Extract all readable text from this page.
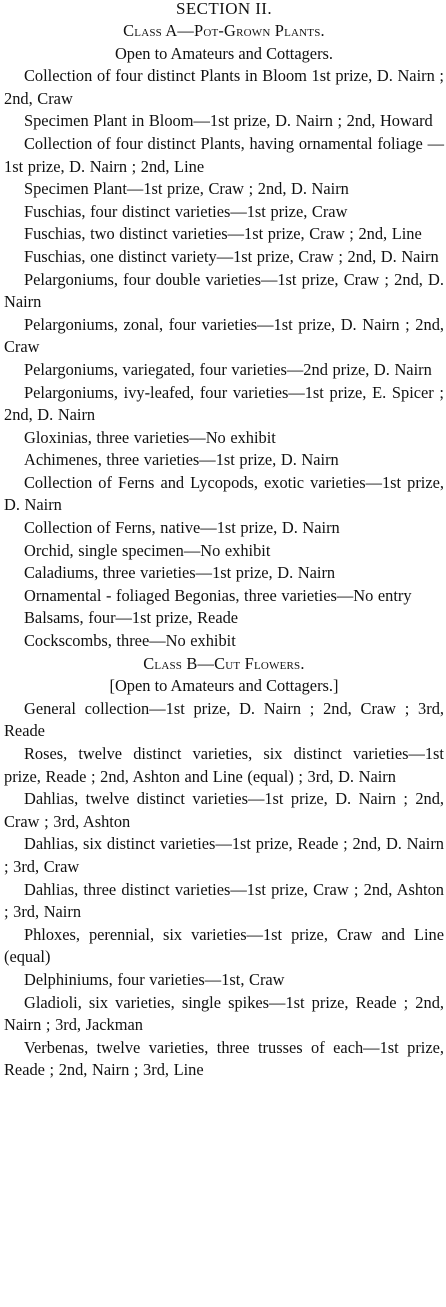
SECTION II.
Class A—Pot-Grown Plants.
Open to Amateurs and Cottagers.

Collection of four distinct Plants in Bloom 1st prize, D. Nairn ; 2nd, Craw

Specimen Plant in Bloom—1st prize, D. Nairn ; 2nd, Howard

Collection of four distinct Plants, having ornamental foliage —1st prize, D. Nairn ; 2nd, Line

Specimen Plant—1st prize, Craw ; 2nd, D. Nairn

Fuschias, four distinct varieties—1st prize, Craw

Fuschias, two distinct varieties—1st prize, Craw ; 2nd, Line

Fuschias, one distinct variety—1st prize, Craw ; 2nd, D. Nairn

Pelargoniums, four double varieties—1st prize, Craw ; 2nd, D. Nairn

Pelargoniums, zonal, four varieties—1st prize, D. Nairn ; 2nd, Craw

Pelargoniums, variegated, four varieties—2nd prize, D. Nairn

Pelargoniums, ivy-leafed, four varieties—1st prize, E. Spicer ; 2nd, D. Nairn

Gloxinias, three varieties—No exhibit

Achimenes, three varieties—1st prize, D. Nairn

Collection of Ferns and Lycopods, exotic varieties—1st prize, D. Nairn

Collection of Ferns, native—1st prize, D. Nairn

Orchid, single specimen—No exhibit

Caladiums, three varieties—1st prize, D. Nairn

Ornamental - foliaged Begonias, three varieties—No entry

Balsams, four—1st prize, Reade

Cockscombs, three—No exhibit

Class B—Cut Flowers.
[Open to Amateurs and Cottagers.]

General collection—1st prize, D. Nairn ; 2nd, Craw ; 3rd, Reade

Roses, twelve distinct varieties, six distinct varieties—1st prize, Reade ; 2nd, Ashton and Line (equal) ; 3rd, D. Nairn

Dahlias, twelve distinct varieties—1st prize, D. Nairn ; 2nd, Craw ; 3rd, Ashton

Dahlias, six distinct varieties—1st prize, Reade ; 2nd, D. Nairn ; 3rd, Craw

Dahlias, three distinct varieties—1st prize, Craw ; 2nd, Ashton ; 3rd, Nairn

Phloxes, perennial, six varieties—1st prize, Craw and Line (equal)

Delphiniums, four varieties—1st, Craw

Gladioli, six varieties, single spikes—1st prize, Reade ; 2nd, Nairn ; 3rd, Jackman

Verbenas, twelve varieties, three trusses of each—1st prize, Reade ; 2nd, Nairn ; 3rd, Line
